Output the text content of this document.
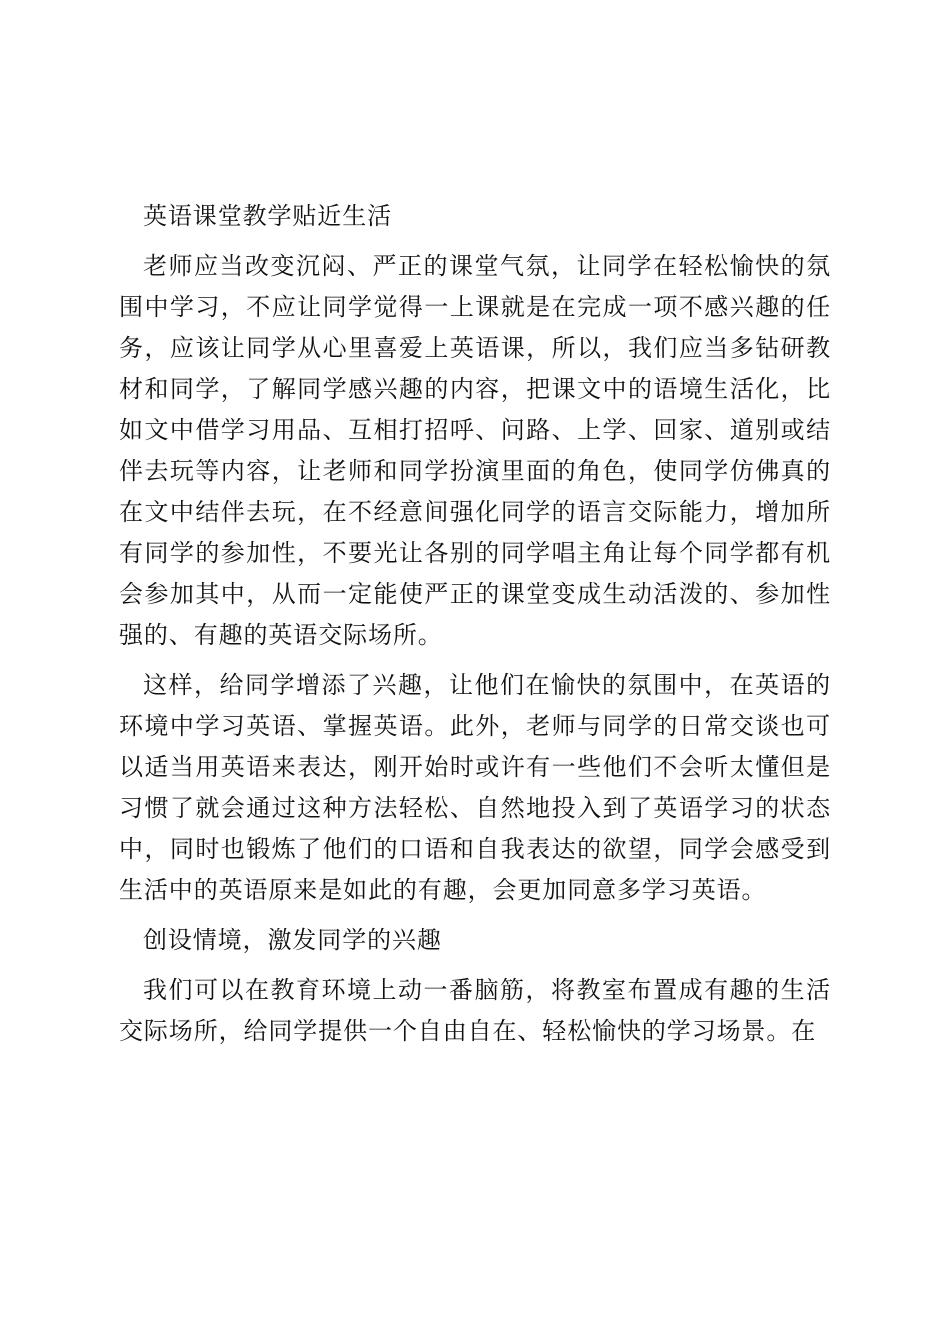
英语课堂教学贴近生活

老师应当改变沉闷、严正的课堂气氛，让同学在轻松愉快的氛围中学习，不应让同学觉得一上课就是在完成一项不感兴趣的任务，应该让同学从心里喜爱上英语课，所以，我们应当多钻研教材和同学，了解同学感兴趣的内容，把课文中的语境生活化，比如文中借学习用品、互相打招呼、问路、上学、回家、道别或结伴去玩等内容，让老师和同学扮演里面的角色，使同学仿佛真的在文中结伴去玩，在不经意间强化同学的语言交际能力，增加所有同学的参加性，不要光让各别的同学唱主角让每个同学都有机会参加其中，从而一定能使严正的课堂变成生动活泼的、参加性强的、有趣的英语交际场所。

这样，给同学增添了兴趣，让他们在愉快的氛围中，在英语的环境中学习英语、掌握英语。此外，老师与同学的日常交谈也可以适当用英语来表达，刚开始时或许有一些他们不会听太懂但是习惯了就会通过这种方法轻松、自然地投入到了英语学习的状态中，同时也锻炼了他们的口语和自我表达的欲望，同学会感受到生活中的英语原来是如此的有趣，会更加同意多学习英语。

创设情境，激发同学的兴趣

我们可以在教育环境上动一番脑筋，将教室布置成有趣的生活交际场所，给同学提供一个自由自在、轻松愉快的学习场景。在
